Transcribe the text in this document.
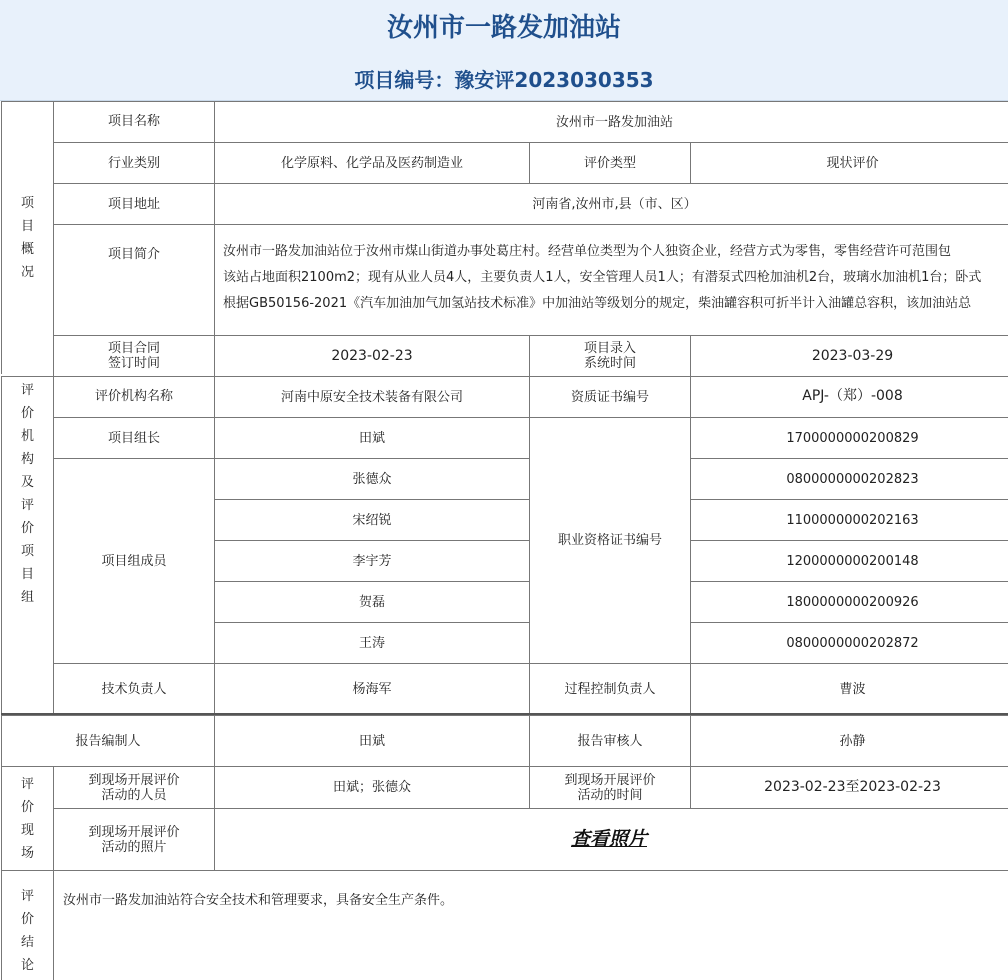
汝州市一路发加油站
项目编号：豫安评2023030353
项
目
概
况
项目名称	汝州市一路发加油站
行业类别	化学原料、化学品及医药制造业	评价类型	现状评价
项目地址	河南省,汝州市,县（市、区）
项目简介	汝州市一路发加油站位于汝州市煤山街道办事处葛庄村。经营单位类型为个人独资企业，经营方式为零售，零售经营许可范围包
该站占地面积2100m2；现有从业人员4人，主要负责人1人，安全管理人员1人；有潜泵式四枪加油机2台，玻璃水加油机1台；卧式
根据GB50156-2021《汽车加油加气加氢站技术标准》中加油站等级划分的规定，柴油罐容积可折半计入油罐总容积，该加油站总
项目合同
签订时间	2023-02-23	项目录入
系统时间	2023-03-29
评
价
机
构
及
评
价
项
目
组
评价机构名称	河南中原安全技术装备有限公司	资质证书编号	APJ-（郑）-008
项目组长	田斌	1700000000200829
职业资格证书编号
项目组成员
张德众	0800000000202823
宋绍锐	1100000000202163
李宇芳	1200000000200148
贺磊	1800000000200926
王涛	0800000000202872
技术负责人	杨海军	过程控制负责人	曹波
报告编制人	田斌	报告审核人	孙静
评
价
现
场
到现场开展评价
活动的人员	田斌；张德众	到现场开展评价
活动的时间	2023-02-23至2023-02-23
到现场开展评价
活动的照片	查看照片
评
价
结
论
汝州市一路发加油站符合安全技术和管理要求，具备安全生产条件。
